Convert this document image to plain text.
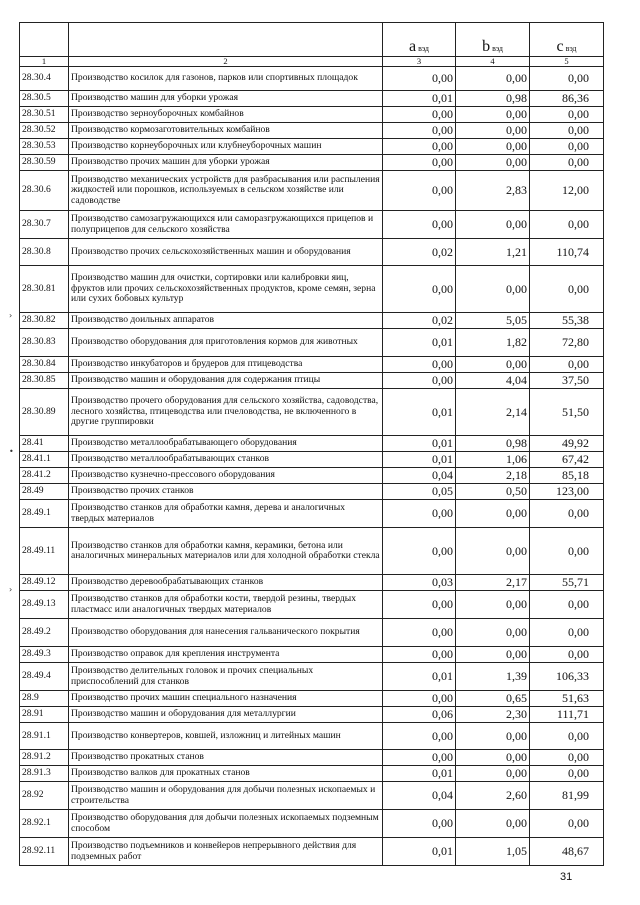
		a вэд	b вэд	c вэд
1	2	3	4	5
28.30.4	Производство косилок для газонов, парков или спортивных площадок	0,00	0,00	0,00
28.30.5	Производство машин для уборки урожая	0,01	0,98	86,36
28.30.51	Производство зерноуборочных комбайнов	0,00	0,00	0,00
28.30.52	Производство кормозаготовительных комбайнов	0,00	0,00	0,00
28.30.53	Производство корнеуборочных или клубнеуборочных машин	0,00	0,00	0,00
28.30.59	Производство прочих машин для уборки урожая	0,00	0,00	0,00
28.30.6	Производство механических устройств для разбрасывания или распыления жидкостей или порошков, используемых в сельском хозяйстве или садоводстве	0,00	2,83	12,00
28.30.7	Производство самозагружающихся или саморазгружающихся прицепов и полуприцепов для сельского хозяйства	0,00	0,00	0,00
28.30.8	Производство прочих сельскохозяйственных машин и оборудования	0,02	1,21	110,74
28.30.81	Производство машин для очистки, сортировки или калибровки яиц, фруктов или прочих сельскохозяйственных продуктов, кроме семян, зерна или сухих бобовых культур	0,00	0,00	0,00
28.30.82	Производство доильных аппаратов	0,02	5,05	55,38
28.30.83	Производство оборудования для приготовления кормов для животных	0,01	1,82	72,80
28.30.84	Производство инкубаторов и брудеров для птицеводства	0,00	0,00	0,00
28.30.85	Производство машин и оборудования для содержания птицы	0,00	4,04	37,50
28.30.89	Производство прочего оборудования для сельского хозяйства, садоводства, лесного хозяйства, птицеводства или пчеловодства, не включенного в другие группировки	0,01	2,14	51,50
28.41	Производство металлообрабатывающего оборудования	0,01	0,98	49,92
28.41.1	Производство металлообрабатывающих станков	0,01	1,06	67,42
28.41.2	Производство кузнечно-прессового оборудования	0,04	2,18	85,18
28.49	Производство прочих станков	0,05	0,50	123,00
28.49.1	Производство станков для обработки камня, дерева и аналогичных твердых материалов	0,00	0,00	0,00
28.49.11	Производство станков для обработки камня, керамики, бетона или аналогичных минеральных материалов или для холодной обработки стекла	0,00	0,00	0,00
28.49.12	Производство деревообрабатывающих станков	0,03	2,17	55,71
28.49.13	Производство станков для обработки кости, твердой резины, твердых пластмасс или аналогичных твердых материалов	0,00	0,00	0,00
28.49.2	Производство оборудования для нанесения гальванического покрытия	0,00	0,00	0,00
28.49.3	Производство оправок для крепления инструмента	0,00	0,00	0,00
28.49.4	Производство делительных головок и прочих специальных приспособлений для станков	0,01	1,39	106,33
28.9	Производство прочих машин специального назначения	0,00	0,65	51,63
28.91	Производство машин и оборудования для металлургии	0,06	2,30	111,71
28.91.1	Производство конвертеров, ковшей, изложниц и литейных машин	0,00	0,00	0,00
28.91.2	Производство прокатных станов	0,00	0,00	0,00
28.91.3	Производство валков для прокатных станов	0,01	0,00	0,00
28.92	Производство машин и оборудования для добычи полезных ископаемых и строительства	0,04	2,60	81,99
28.92.1	Производство оборудования для добычи полезных ископаемых подземным способом	0,00	0,00	0,00
28.92.11	Производство подъемников и конвейеров непрерывного действия для подземных работ	0,01	1,05	48,67
›
•
›
31
